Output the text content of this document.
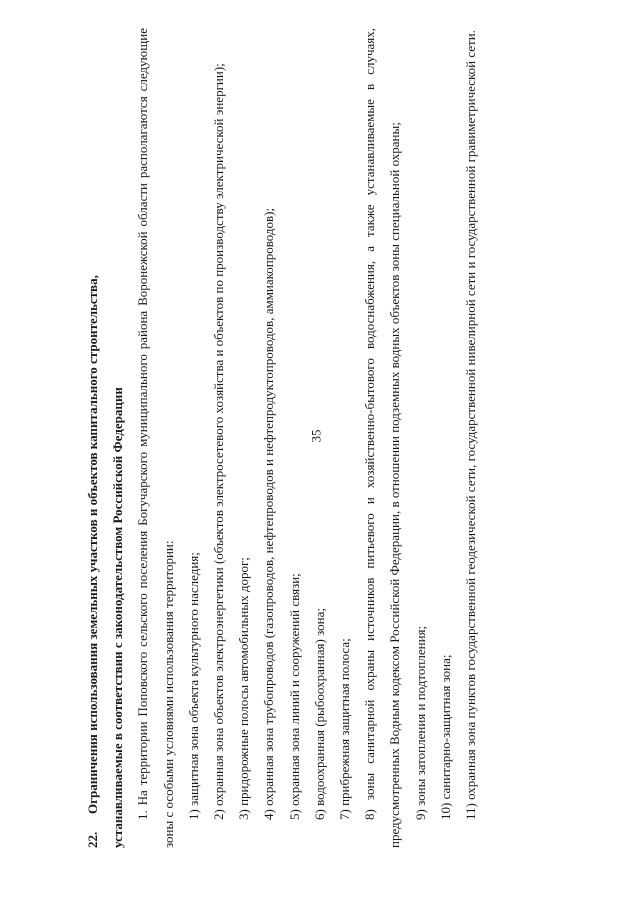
35

22.Ограничения использования земельных участков и объектов капитального строительства, устанавливаемые в соответствии с законодательством Российской Федерации 1. На территории Поповского сельского поселения Богучарского муниципального района Воронежской области располагаются следующие зоны с особыми условиями использования территории: 1) защитная зона объекта культурного наследия; 2) охранная зона объектов электроэнергетики (объектов электросетевого хозяйства и объектов по производству электрической энергии); 3) придорожные полосы автомобильных дорог; 4) охранная зона трубопроводов (газопроводов, нефтепроводов и нефтепродуктопроводов, аммиакопроводов); 5) охранная зона линий и сооружений связи; 6) водоохранная (рыбоохранная) зона; 7) прибрежная защитная полоса; 8) зоны санитарной охраны источников питьевого и хозяйственно-бытового водоснабжения, а также устанавливаемые в случаях, предусмотренных Водным кодексом Российской Федерации, в отношении подземных водных объектов зоны специальной охраны; 9) зоны затопления и подтопления; 10) санитарно-защитная зона; 11) охранная зона пунктов государственной геодезической сети, государственной нивелирной сети и государственной гравиметрической сети.
